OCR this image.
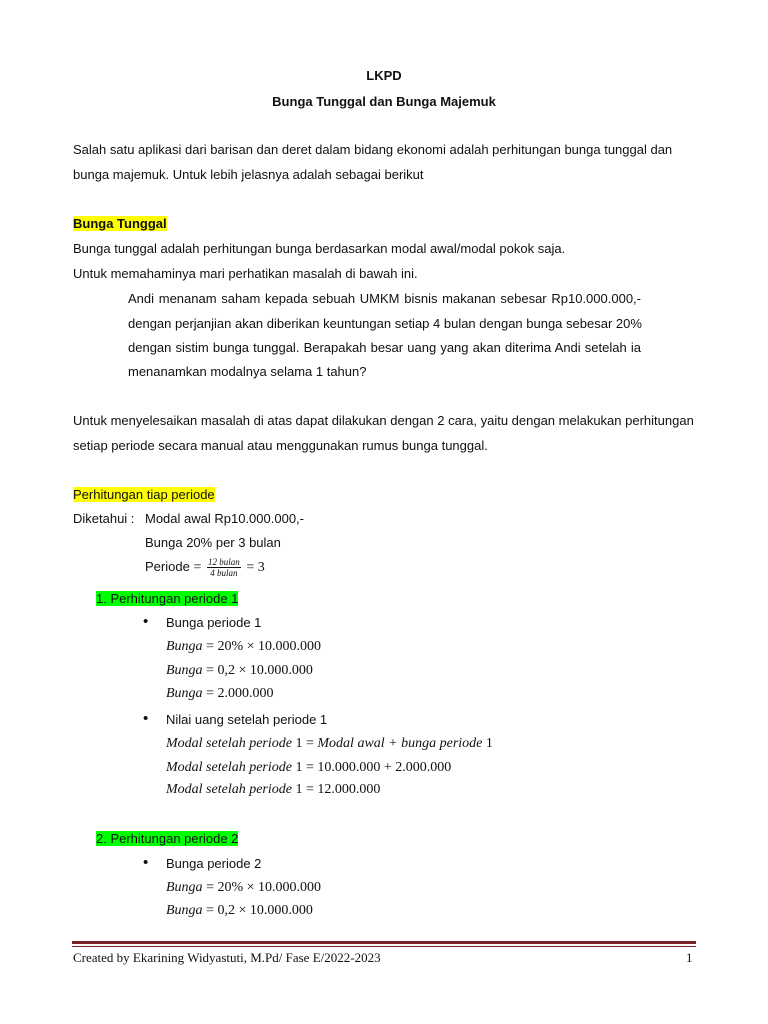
LKPD
Bunga Tunggal dan Bunga Majemuk
Salah satu aplikasi dari barisan dan deret dalam bidang ekonomi adalah perhitungan bunga tunggal dan
bunga majemuk. Untuk lebih jelasnya adalah sebagai berikut
Bunga Tunggal
Bunga tunggal adalah perhitungan bunga berdasarkan modal awal/modal pokok saja.
Untuk memahaminya mari perhatikan masalah di bawah ini.
Andi menanam saham kepada sebuah UMKM bisnis makanan sebesar Rp10.000.000,-
dengan perjanjian akan diberikan keuntungan setiap 4 bulan dengan bunga sebesar 20%
dengan sistim bunga tunggal. Berapakah besar uang yang akan diterima Andi setelah ia
menanamkan modalnya selama 1 tahun?
Untuk menyelesaikan masalah di atas dapat dilakukan dengan 2 cara, yaitu dengan melakukan perhitungan
setiap periode secara manual atau menggunakan rumus bunga tunggal.
Perhitungan tiap periode
Diketahui : Modal awal Rp10.000.000,-
Bunga 20% per 3 bulan
Periode = $\frac{\text{12 bulan}}{\text{4 bulan}} = 3$
1. Perhitungan periode 1
• Bunga periode 1
Bunga = 20% × 10.000.000
Bunga = 0,2 × 10.000.000
Bunga = 2.000.000
• Nilai uang setelah periode 1
Modal setelah periode 1 = Modal awal + bunga periode 1
Modal setelah periode 1 = 10.000.000 + 2.000.000
Modal setelah periode 1 = 12.000.000
2. Perhitungan periode 2
• Bunga periode 2
Bunga = 20% × 10.000.000
Bunga = 0,2 × 10.000.000
Created by Ekarining Widyastuti, M.Pd/ Fase E/2022-2023	1
